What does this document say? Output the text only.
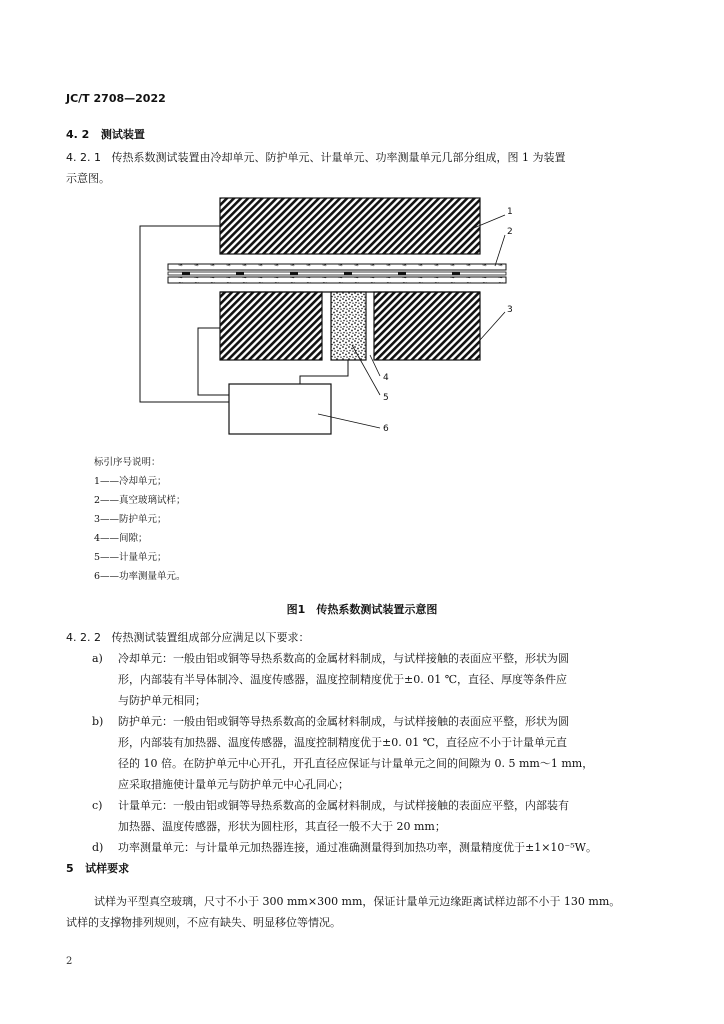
JC/T 2708—2022
4. 2 测试装置
4. 2. 1 传热系数测试装置由冷却单元、防护单元、计量单元、功率测量单元几部分组成，图 1 为装置
示意图。
1
2
3
4
5
6
标引序号说明：
1——冷却单元；
2——真空玻璃试样；
3——防护单元；
4——间隙；
5——计量单元；
6——功率测量单元。
图1　传热系数测试装置示意图
4. 2. 2 传热测试装置组成部分应满足以下要求：
a) 冷却单元：一般由铝或铜等导热系数高的金属材料制成，与试样接触的表面应平整，形状为圆
形，内部装有半导体制冷、温度传感器，温度控制精度优于±0. 01 ℃，直径、厚度等条件应
与防护单元相同；
b) 防护单元：一般由铝或铜等导热系数高的金属材料制成，与试样接触的表面应平整，形状为圆
形，内部装有加热器、温度传感器，温度控制精度优于±0. 01 ℃，直径应不小于计量单元直
径的 10 倍。在防护单元中心开孔，开孔直径应保证与计量单元之间的间隙为 0. 5 mm～1 mm，
应采取措施使计量单元与防护单元中心孔同心；
c) 计量单元：一般由铝或铜等导热系数高的金属材料制成，与试样接触的表面应平整，内部装有
加热器、温度传感器，形状为圆柱形，其直径一般不大于 20 mm；
d) 功率测量单元：与计量单元加热器连接，通过准确测量得到加热功率，测量精度优于±1×10⁻⁵W。
5 试样要求
试样为平型真空玻璃，尺寸不小于 300 mm×300 mm，保证计量单元边缘距离试样边部不小于 130 mm。
试样的支撑物排列规则，不应有缺失、明显移位等情况。
2
